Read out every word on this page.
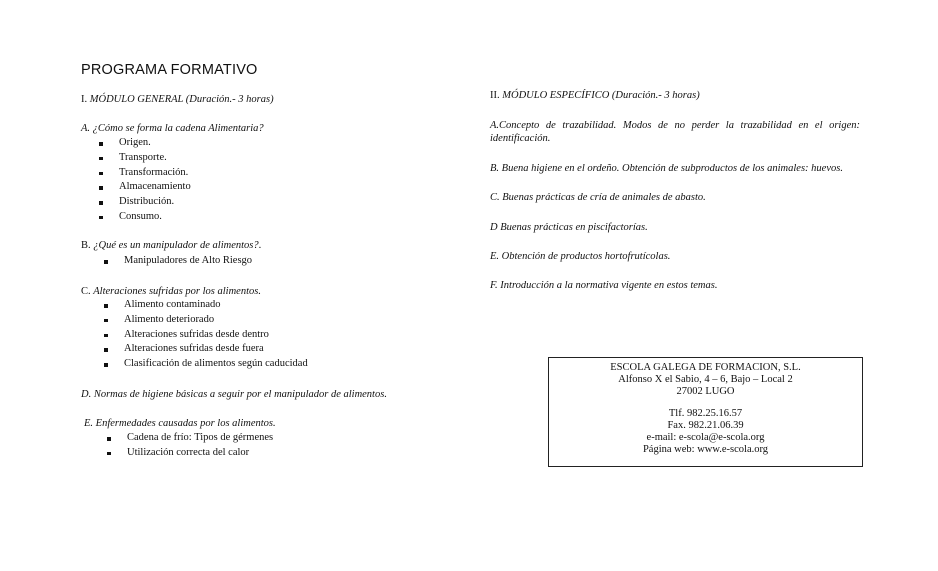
PROGRAMA FORMATIVO
I. MÓDULO GENERAL (Duración.- 3 horas)
A. ¿Cómo se forma la cadena Alimentaria?
Origen.
Transporte.
Transformación.
Almacenamiento
Distribución.
Consumo.
B. ¿Qué es un manipulador de alimentos?.
Manipuladores de Alto Riesgo
C. Alteraciones sufridas por los alimentos.
Alimento contaminado
Alimento deteriorado
Alteraciones sufridas desde dentro
Alteraciones sufridas desde fuera
Clasificación de alimentos según caducidad
D. Normas de higiene básicas a seguir por el manipulador de alimentos.
E. Enfermedades causadas por los alimentos.
Cadena de frío: Tipos de gérmenes
Utilización correcta del calor
II. MÓDULO ESPECÍFICO (Duración.- 3 horas)
A.Concepto de trazabilidad. Modos de no perder la trazabilidad en el origen: identificación.
B. Buena higiene en el ordeño. Obtención de subproductos de los animales: huevos.
C. Buenas prácticas de cría de animales de abasto.
D Buenas prácticas en piscifactorías.
E. Obtención de productos hortofrutícolas.
F. Introducción a la normativa vigente en estos temas.
ESCOLA GALEGA DE FORMACION, S.L.
Alfonso X el Sabio, 4 – 6, Bajo – Local 2
27002 LUGO
Tlf. 982.25.16.57
Fax. 982.21.06.39
e-mail: e-scola@e-scola.org
Página web: www.e-scola.org
